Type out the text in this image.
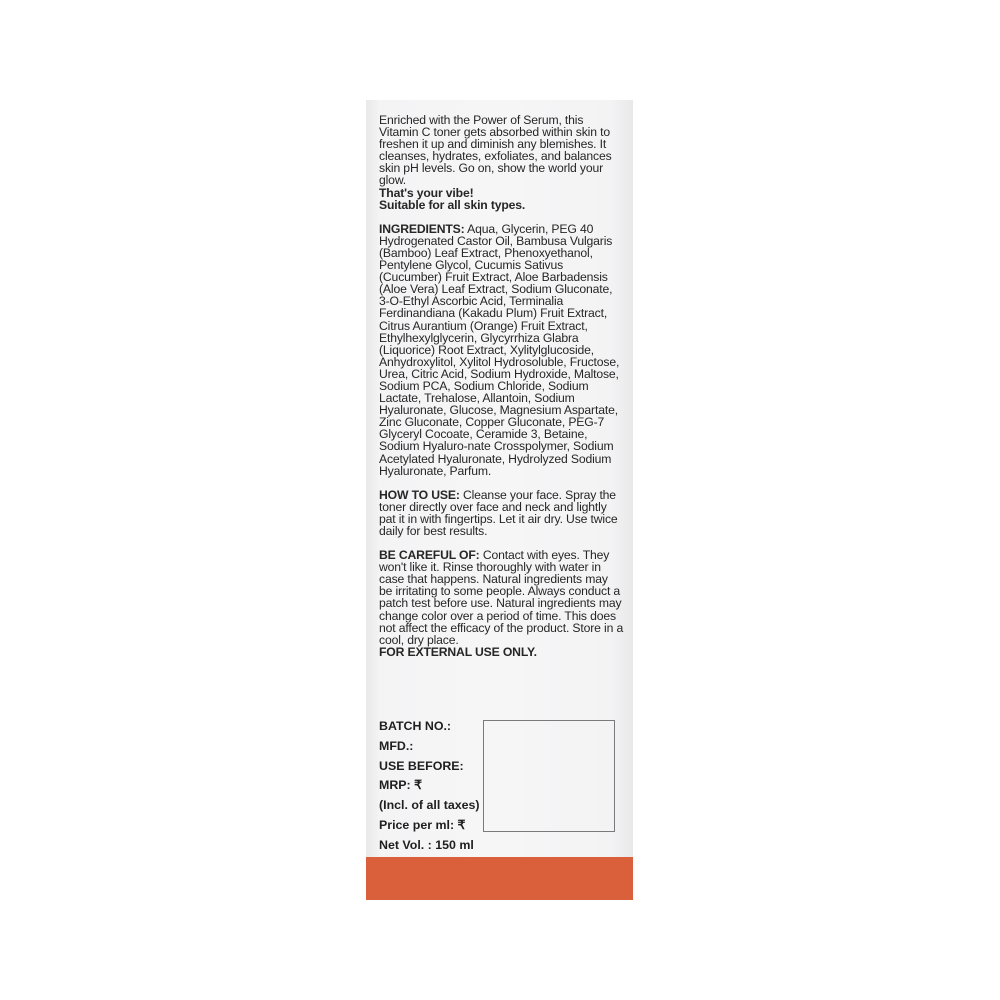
Enriched with the Power of Serum, this Vitamin C toner gets absorbed within skin to freshen it up and diminish any blemishes. It cleanses, hydrates, exfoliates, and balances skin pH levels. Go on, show the world your glow.

That's your vibe!

Suitable for all skin types.

INGREDIENTS: Aqua, Glycerin, PEG 40 Hydrogenated Castor Oil, Bambusa Vulgaris (Bamboo) Leaf Extract, Phenoxyethanol, Pentylene Glycol, Cucumis Sativus (Cucumber) Fruit Extract, Aloe Barbadensis (Aloe Vera) Leaf Extract, Sodium Gluconate, 3-O-Ethyl Ascorbic Acid, Terminalia Ferdinandiana (Kakadu Plum) Fruit Extract, Citrus Aurantium (Orange) Fruit Extract, Ethylhexylglycerin, Glycyrrhiza Glabra (Liquorice) Root Extract, Xylitylglucoside, Anhydroxylitol, Xylitol Hydrosoluble, Fructose, Urea, Citric Acid, Sodium Hydroxide, Maltose, Sodium PCA, Sodium Chloride, Sodium Lactate, Trehalose, Allantoin, Sodium Hyaluronate, Glucose, Magnesium Aspartate, Zinc Gluconate, Copper Gluconate, PEG-7 Glyceryl Cocoate, Ceramide 3, Betaine, Sodium Hyaluro-nate Crosspolymer, Sodium Acetylated Hyaluronate, Hydrolyzed Sodium Hyaluronate, Parfum.

HOW TO USE: Cleanse your face. Spray the toner directly over face and neck and lightly pat it in with fingertips. Let it air dry. Use twice daily for best results.

BE CAREFUL OF: Contact with eyes. They won't like it. Rinse thoroughly with water in case that happens. Natural ingredients may be irritating to some people. Always conduct a patch test before use. Natural ingredients may change color over a period of time. This does not affect the efficacy of the product. Store in a cool, dry place.

FOR EXTERNAL USE ONLY.

BATCH NO.:
MFD.:
USE BEFORE:
MRP: ₹
(Incl. of all taxes)
Price per ml: ₹
Net Vol. : 150 ml
